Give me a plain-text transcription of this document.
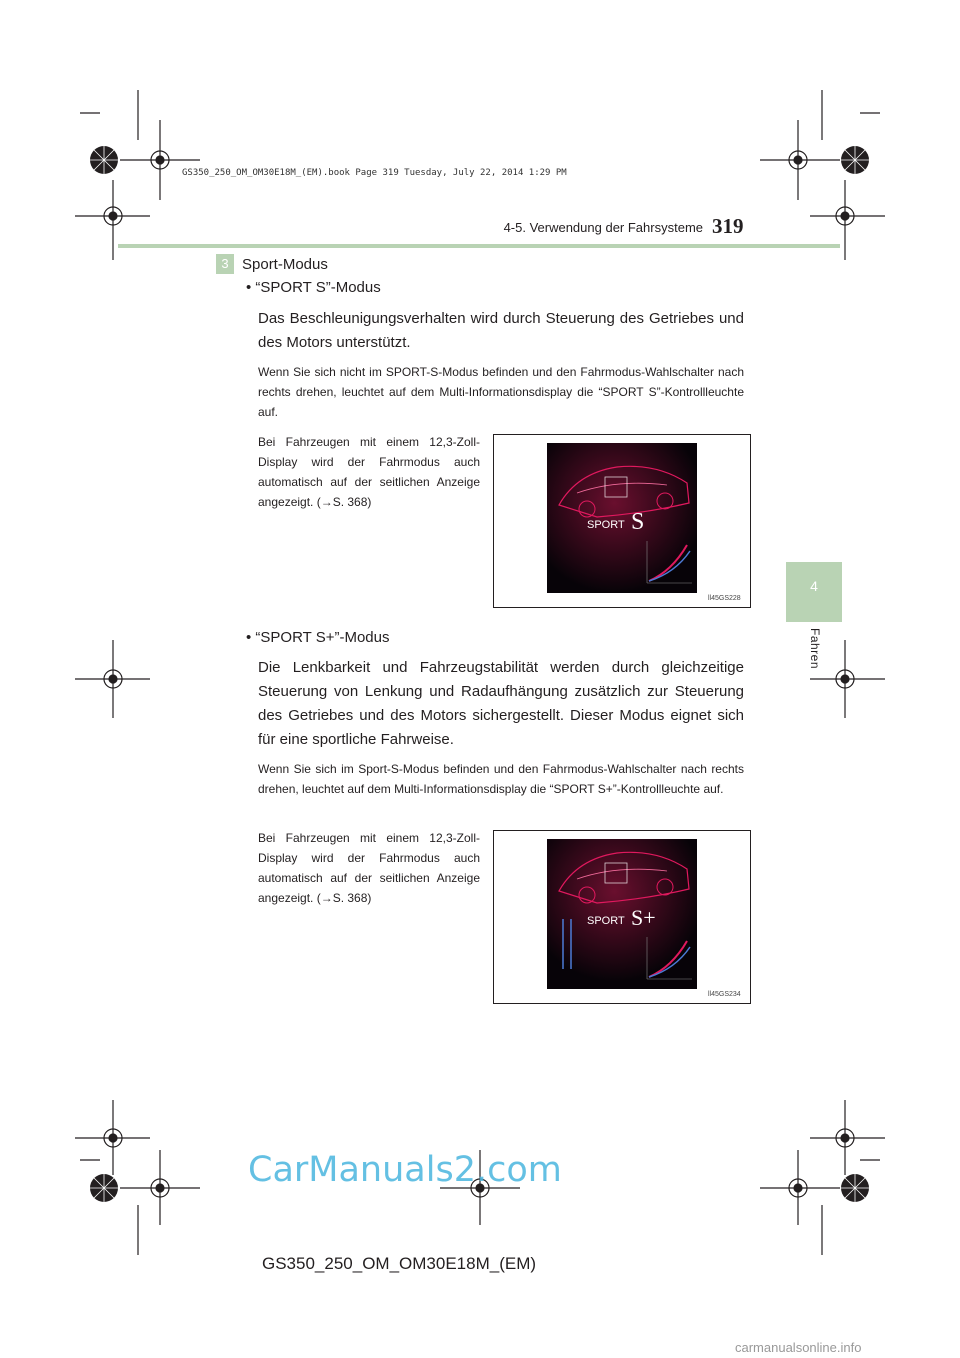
GS350_250_OM_OM30E18M_(EM).book Page 319 Tuesday, July 22, 2014 1:29 PM
4-5. Verwendung der Fahrsysteme 319
4
Fahren
3 Sport-Modus
• “SPORT S”-Modus
Das Beschleunigungsverhalten wird durch Steuerung des Getriebes und des Motors unterstützt.
Wenn Sie sich nicht im SPORT-S-Modus befinden und den Fahrmodus-Wahlschalter nach rechts drehen, leuchtet auf dem Multi-Informationsdisplay die “SPORT S”-Kontrollleuchte auf.
Bei Fahrzeugen mit einem 12,3-Zoll-Display wird der Fahrmodus auch automatisch auf der seitlichen Anzeige angezeigt. (→S. 368)
SPORT S
ll45GS228
• “SPORT S+”-Modus
Die Lenkbarkeit und Fahrzeugstabilität werden durch gleichzeitige Steuerung von Lenkung und Radaufhängung zusätzlich zur Steuerung des Getriebes und des Motors sichergestellt. Dieser Modus eignet sich für eine sportliche Fahrweise.
Wenn Sie sich im Sport-S-Modus befinden und den Fahrmodus-Wahlschalter nach rechts drehen, leuchtet auf dem Multi-Informationsdisplay die “SPORT S+”-Kontrollleuchte auf.
Bei Fahrzeugen mit einem 12,3-Zoll-Display wird der Fahrmodus auch automatisch auf der seitlichen Anzeige angezeigt. (→S. 368)
SPORT S+
ll45GS234
CarManuals2.com
GS350_250_OM_OM30E18M_(EM)
carmanualsonline.info
